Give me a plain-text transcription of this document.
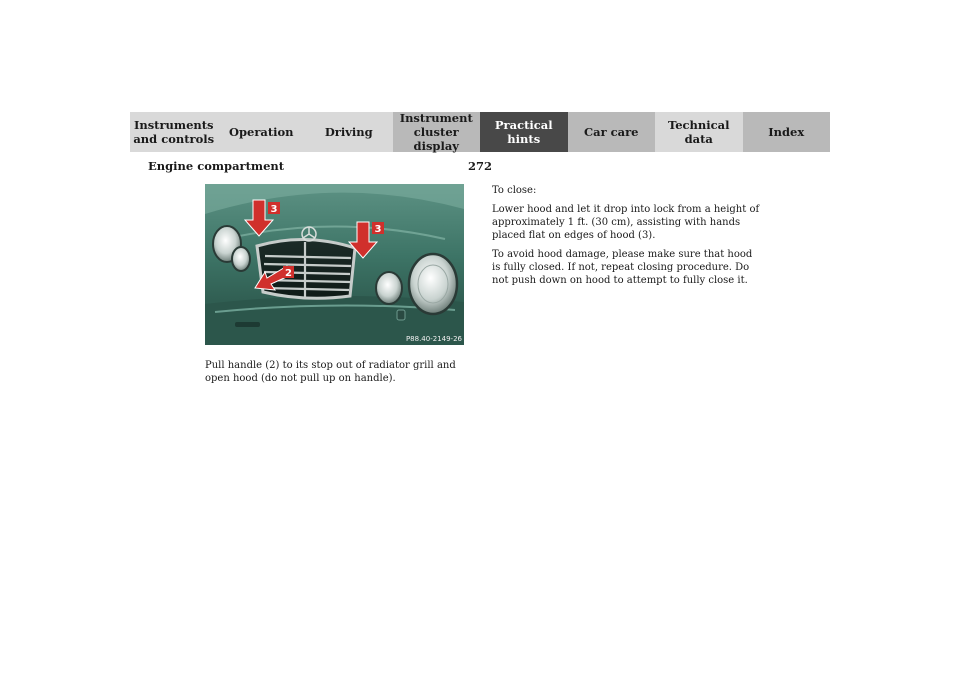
Instruments
and controls	Operation	Driving
Instrument
cluster display
Practical hints	Car care	Technical
data	Index
Engine compartment	272
3
3
2
P88.40-2149-26

Pull handle (2) to its stop out of radiator grill and open hood (do not pull up on handle).

To close:

Lower hood and let it drop into lock from a height of approximately 1 ft. (30 cm), assisting with hands placed flat on edges of hood (3).

To avoid hood damage, please make sure that hood is fully closed. If not, repeat closing procedure. Do not push down on hood to attempt to fully close it.
